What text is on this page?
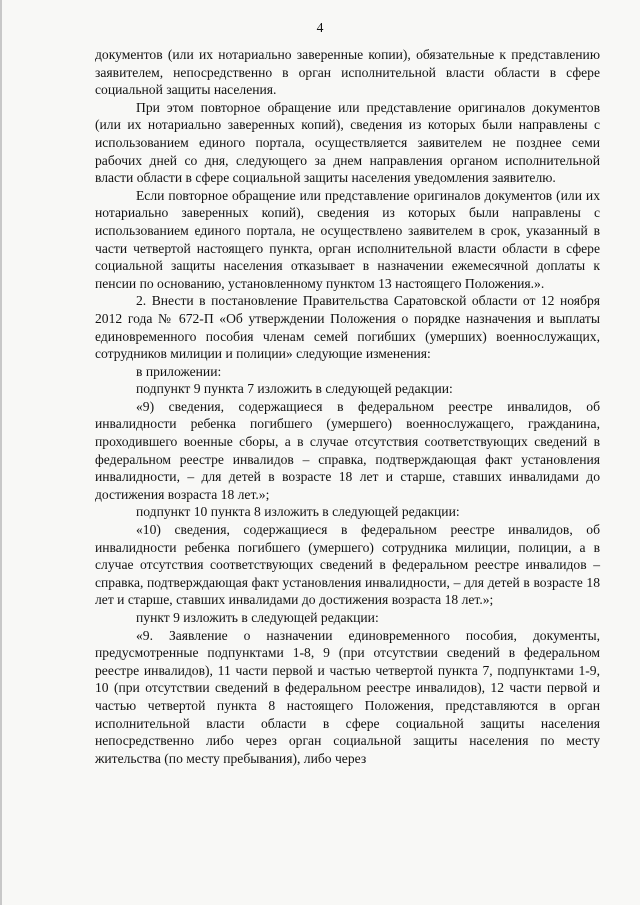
4

документов (или их нотариально заверенные копии), обязательные к представлению заявителем, непосредственно в орган исполнительной власти области в сфере социальной защиты населения.

При этом повторное обращение или представление оригиналов документов (или их нотариально заверенных копий), сведения из которых были направлены с использованием единого портала, осуществляется заявителем не позднее семи рабочих дней со дня, следующего за днем направления органом исполнительной власти области в сфере социальной защиты населения уведомления заявителю.

Если повторное обращение или представление оригиналов документов (или их нотариально заверенных копий), сведения из которых были направлены с использованием единого портала, не осуществлено заявителем в срок, указанный в части четвертой настоящего пункта, орган исполнительной власти области в сфере социальной защиты населения отказывает в назначении ежемесячной доплаты к пенсии по основанию, установленному пунктом 13 настоящего Положения.».

2. Внести в постановление Правительства Саратовской области от 12 ноября 2012 года № 672-П «Об утверждении Положения о порядке назначения и выплаты единовременного пособия членам семей погибших (умерших) военнослужащих, сотрудников милиции и полиции» следующие изменения:

в приложении:

подпункт 9 пункта 7 изложить в следующей редакции:

«9) сведения, содержащиеся в федеральном реестре инвалидов, об инвалидности ребенка погибшего (умершего) военнослужащего, гражданина, проходившего военные сборы, а в случае отсутствия соответствующих сведений в федеральном реестре инвалидов – справка, подтверждающая факт установления инвалидности, – для детей в возрасте 18 лет и старше, ставших инвалидами до достижения возраста 18 лет.»;

подпункт 10 пункта 8 изложить в следующей редакции:

«10) сведения, содержащиеся в федеральном реестре инвалидов, об инвалидности ребенка погибшего (умершего) сотрудника милиции, полиции, а в случае отсутствия соответствующих сведений в федеральном реестре инвалидов – справка, подтверждающая факт установления инвалидности, – для детей в возрасте 18 лет и старше, ставших инвалидами до достижения возраста 18 лет.»;

пункт 9 изложить в следующей редакции:

«9. Заявление о назначении единовременного пособия, документы, предусмотренные подпунктами 1-8, 9 (при отсутствии сведений в федеральном реестре инвалидов), 11 части первой и частью четвертой пункта 7, подпунктами 1-9, 10 (при отсутствии сведений в федеральном реестре инвалидов), 12 части первой и частью четвертой пункта 8 настоящего Положения, представляются в орган исполнительной власти области в сфере социальной защиты населения непосредственно либо через орган социальной защиты населения по месту жительства (по месту пребывания), либо через
